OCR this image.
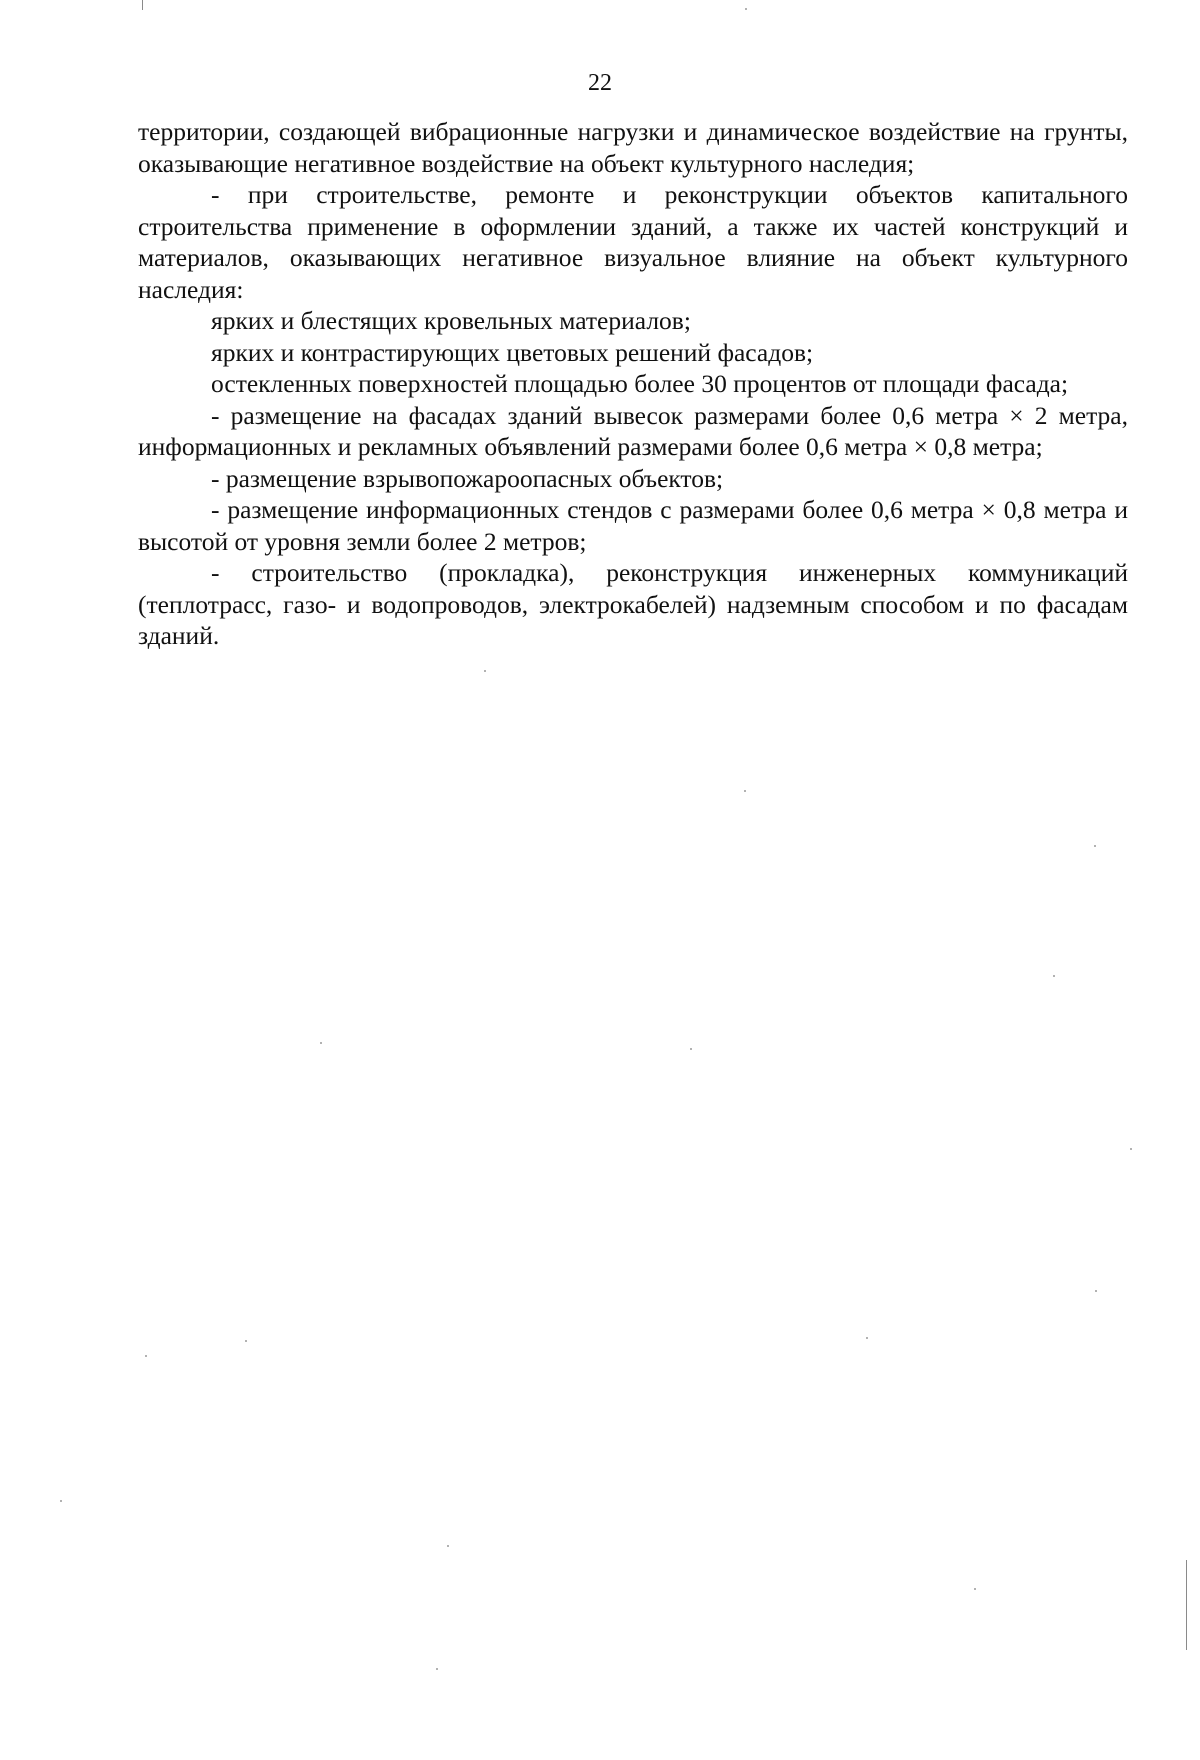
22

территории, создающей вибрационные нагрузки и динамическое воздействие на грунты, оказывающие негативное воздействие на объект культурного наследия;

- при строительстве, ремонте и реконструкции объектов капитального строительства применение в оформлении зданий, а также их частей конструкций и материалов, оказывающих негативное визуальное влияние на объект культурного наследия:

ярких и блестящих кровельных материалов;

ярких и контрастирующих цветовых решений фасадов;

остекленных поверхностей площадью более 30 процентов от площади фасада;

- размещение на фасадах зданий вывесок размерами более 0,6 метра × 2 метра, информационных и рекламных объявлений размерами более 0,6 метра × 0,8 метра;

- размещение взрывопожароопасных объектов;

- размещение информационных стендов с размерами более 0,6 метра × 0,8 метра и высотой от уровня земли более 2 метров;

- строительство (прокладка), реконструкция инженерных коммуникаций (теплотрасс, газо- и водопроводов, электрокабелей) надземным способом и по фасадам зданий.
